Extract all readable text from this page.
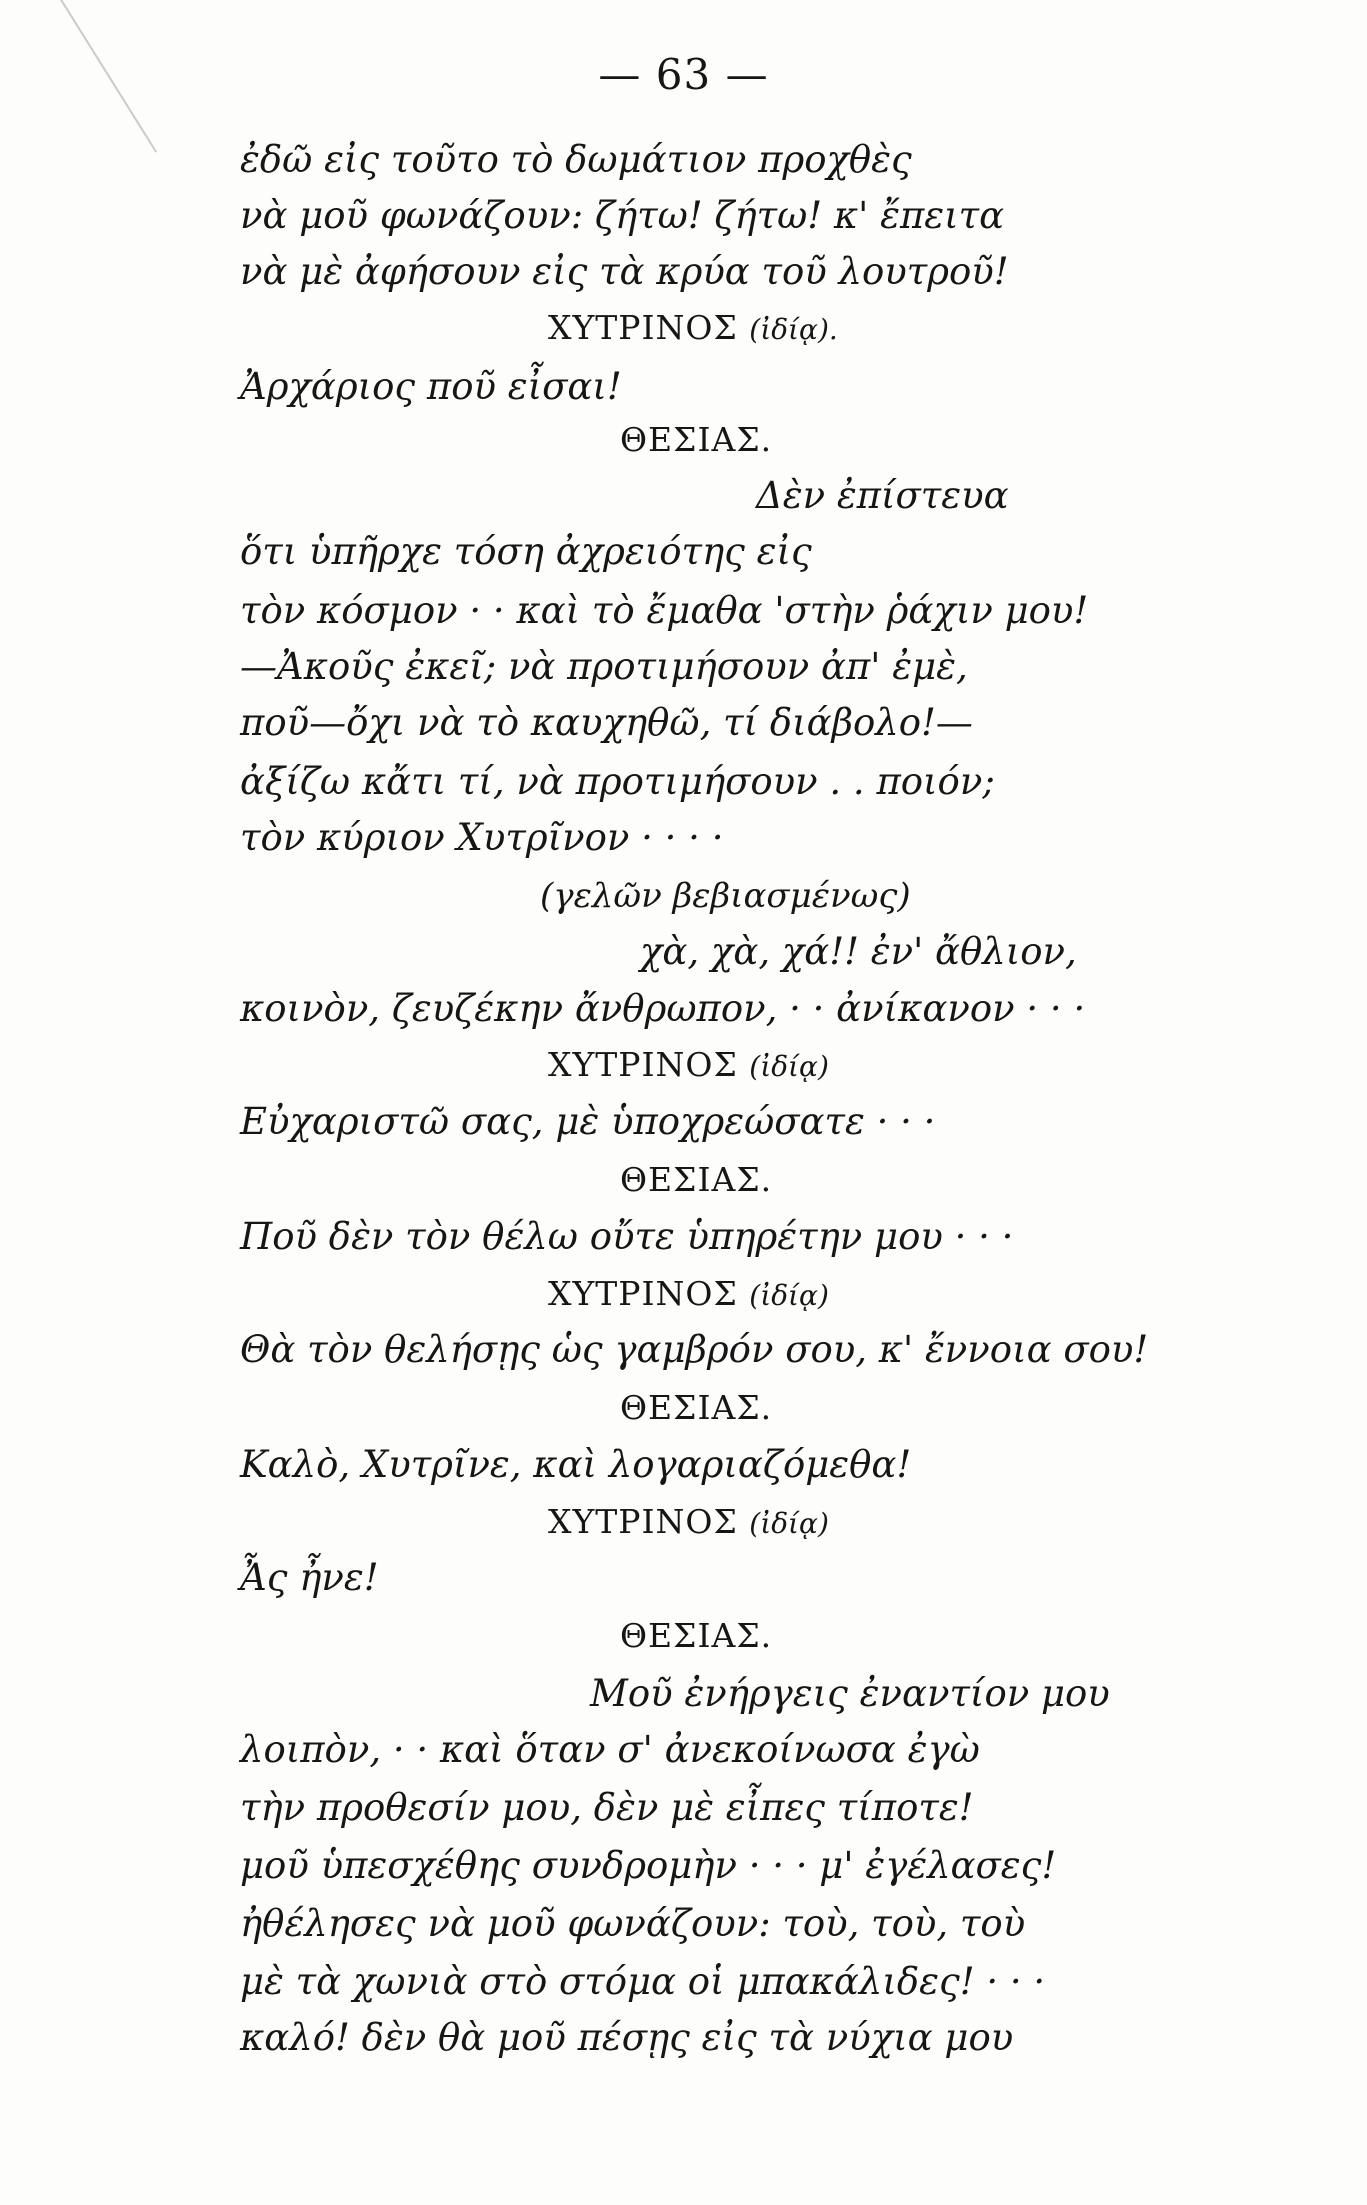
— 63 —
ἐδῶ εἰς τοῦτο τὸ δωμάτιον προχθὲς
νὰ μοῦ φωνάζουν: ζήτω! ζήτω! κ' ἔπειτα
νὰ μὲ ἀφήσουν εἰς τὰ κρύα τοῦ λουτροῦ!
ΧΥΤΡΙΝΟΣ (ἰδίᾳ).
Ἀρχάριος ποῦ εἶσαι!
ΘΕΣΙΑΣ.
Δὲν ἐπίστευα
ὅτι ὑπῆρχε τόση ἀχρειότης εἰς
τὸν κόσμον · · καὶ τὸ ἔμαθα 'στὴν ῥάχιν μου!
—Ἀκοῦς ἐκεῖ; νὰ προτιμήσουν ἀπ' ἐμὲ,
ποῦ—ὄχι νὰ τὸ καυχηθῶ, τί διάβολο!—
ἀξίζω κἄτι τί, νὰ προτιμήσουν . . ποιόν;
τὸν κύριον Χυτρῖνον · · · ·
(γελῶν βεβιασμένως)
χὰ, χὰ, χά!! ἐν' ἄθλιον,
κοινὸν, ζευζέκην ἄνθρωπον, · · ἀνίκανον · · ·
ΧΥΤΡΙΝΟΣ (ἰδίᾳ)
Εὐχαριστῶ σας, μὲ ὑποχρεώσατε · · ·
ΘΕΣΙΑΣ.
Ποῦ δὲν τὸν θέλω οὔτε ὑπηρέτην μου · · ·
ΧΥΤΡΙΝΟΣ (ἰδίᾳ)
Θὰ τὸν θελήσῃς ὡς γαμβρόν σου, κ' ἔννοια σου!
ΘΕΣΙΑΣ.
Καλὸ, Χυτρῖνε, καὶ λογαριαζόμεθα!
ΧΥΤΡΙΝΟΣ (ἰδίᾳ)
Ἆς ἦνε!
ΘΕΣΙΑΣ.
Μοῦ ἐνήργεις ἐναντίον μου
λοιπὸν, · · καὶ ὅταν σ' ἀνεκοίνωσα ἐγὼ
τὴν προθεσίν μου, δὲν μὲ εἶπες τίποτε!
μοῦ ὑπεσχέθης συνδρομὴν · · · μ' ἐγέλασες!
ἠθέλησες νὰ μοῦ φωνάζουν: τοὺ, τοὺ, τοὺ
μὲ τὰ χωνιὰ στὸ στόμα οἱ μπακάλιδες! · · ·
καλό! δὲν θὰ μοῦ πέσῃς εἰς τὰ νύχια μου
